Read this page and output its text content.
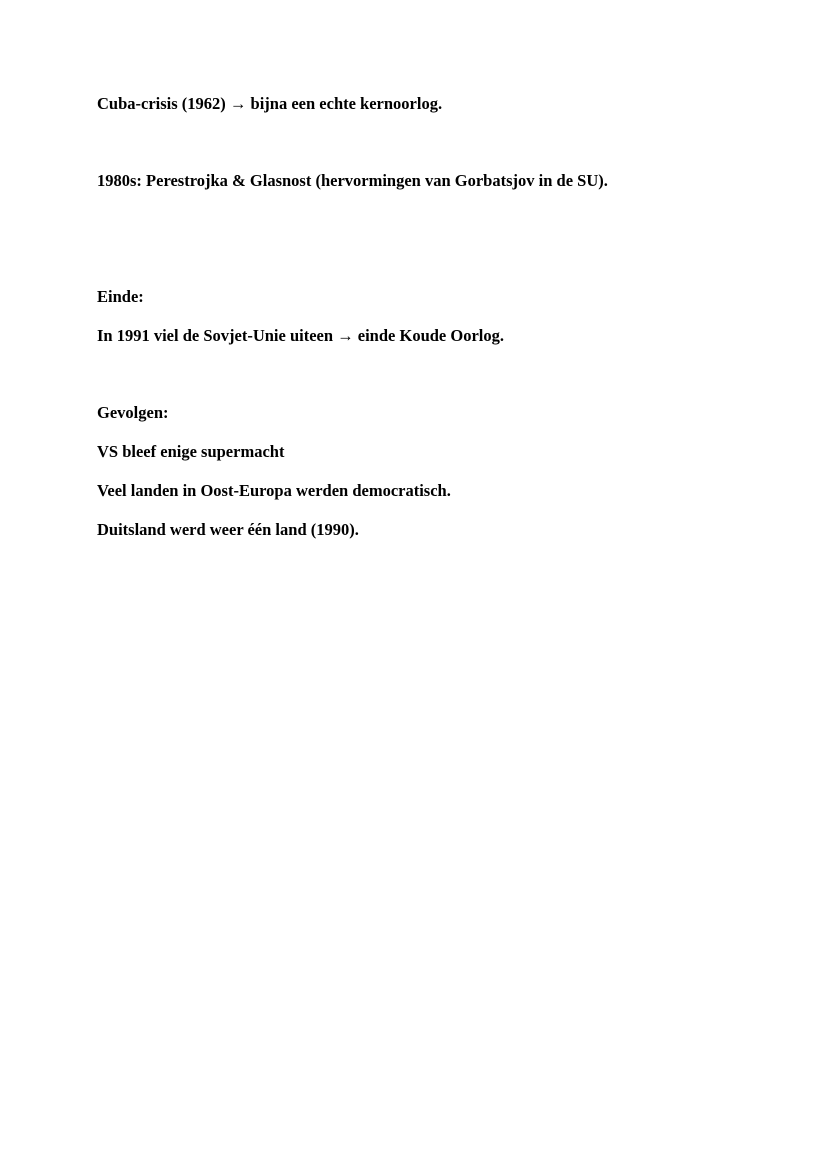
Cuba-crisis (1962) → bijna een echte kernoorlog.

1980s: Perestrojka & Glasnost (hervormingen van Gorbatsjov in de SU).

Einde:

In 1991 viel de Sovjet-Unie uiteen → einde Koude Oorlog.

Gevolgen:

VS bleef enige supermacht

Veel landen in Oost-Europa werden democratisch.

Duitsland werd weer één land (1990).
